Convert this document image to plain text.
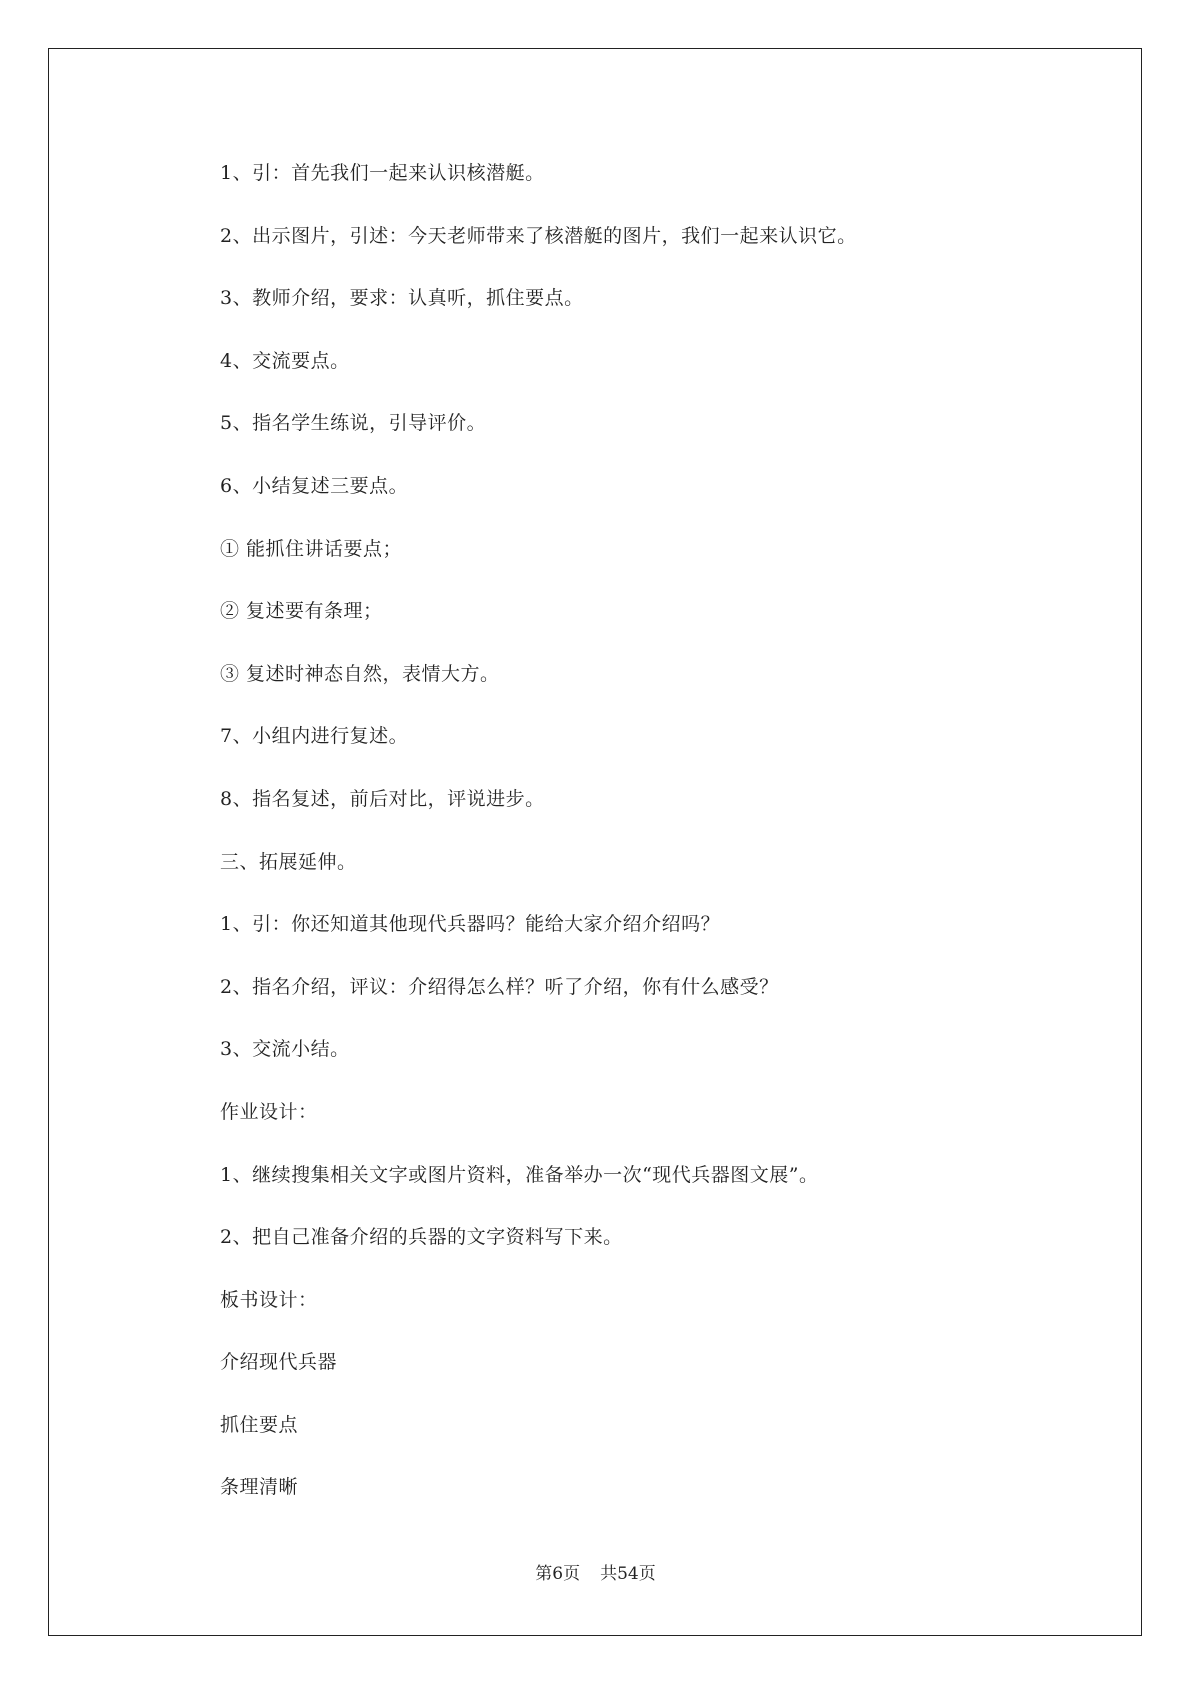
1、引：首先我们一起来认识核潜艇。
2、出示图片，引述：今天老师带来了核潜艇的图片，我们一起来认识它。
3、教师介绍，要求：认真听，抓住要点。
4、交流要点。
5、指名学生练说，引导评价。
6、小结复述三要点。
① 能抓住讲话要点；
② 复述要有条理；
③ 复述时神态自然，表情大方。
7、小组内进行复述。
8、指名复述，前后对比，评说进步。
三、拓展延伸。
1、引：你还知道其他现代兵器吗？能给大家介绍介绍吗？
2、指名介绍，评议：介绍得怎么样？听了介绍，你有什么感受？
3、交流小结。
作业设计：
1、继续搜集相关文字或图片资料，准备举办一次“现代兵器图文展”。
2、把自己准备介绍的兵器的文字资料写下来。
板书设计：
介绍现代兵器
抓住要点
条理清晰
第6页 共54页
